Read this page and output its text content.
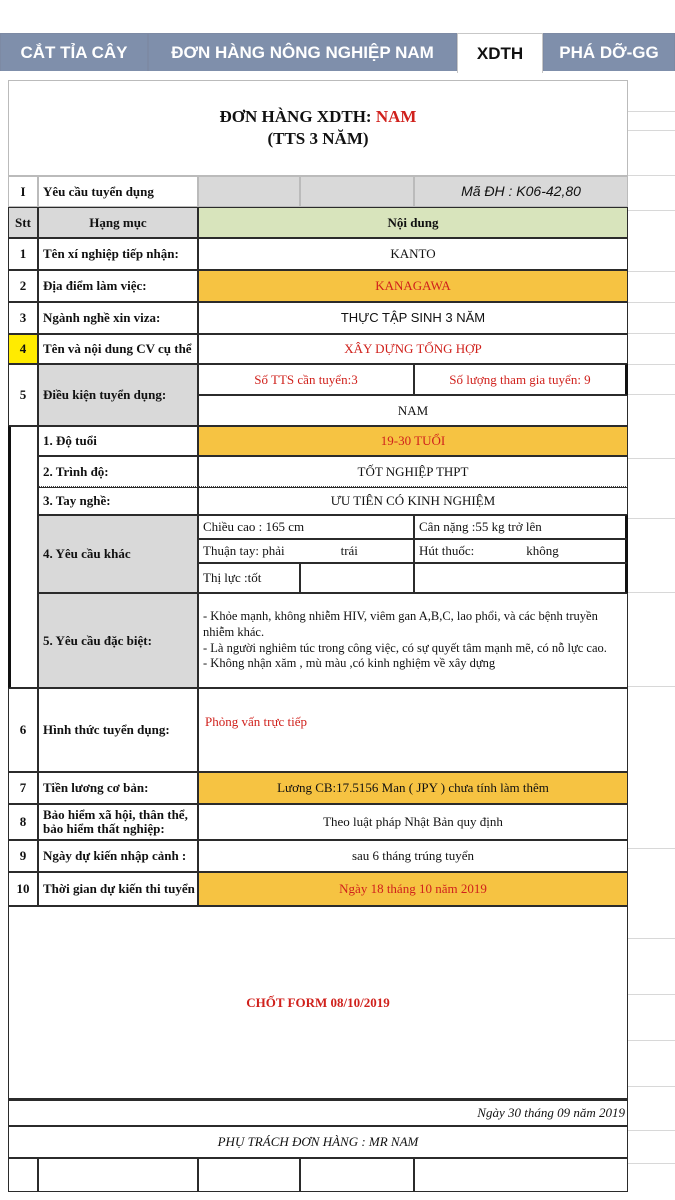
CẮT TỈA CÂY	ĐƠN HÀNG NÔNG NGHIỆP NAM	XDTH	PHÁ DỠ-GG
ĐƠN HÀNG XDTH: NAM
(TTS 3 NĂM)
I	Yêu cầu tuyển dụng	Mã ĐH : K06-42,80
Stt	Hạng mục	Nội dung
1	Tên xí nghiệp tiếp nhận:	KANTO
2	Địa điểm làm việc:	KANAGAWA
3	Ngành nghề xin viza:	THỰC TẬP SINH 3 NĂM
4	Tên và nội dung CV cụ thể	XÂY DỰNG TỔNG HỢP
5	Điều kiện tuyển dụng:
Số TTS cần tuyển:3	Số lượng tham gia tuyển: 9
NAM
1. Độ tuổi	19-30 TUỔI
2. Trình độ:	TỐT NGHIỆP THPT
3. Tay nghề:	ƯU TIÊN CÓ KINH NGHIỆM
4. Yêu cầu khác
Chiều cao : 165 cm	Cân nặng :55 kg trở lên
Thuận tay: phải	trái	Hút thuốc:	không
Thị lực :tốt
5. Yêu cầu đặc biệt:
- Khỏe mạnh, không nhiễm HIV, viêm gan A,B,C, lao phổi, và các bệnh truyền nhiễm khác.
- Là người nghiêm túc trong công việc, có sự quyết tâm mạnh mẽ, có nỗ lực cao.
- Không nhận xăm , mù màu ,có kinh nghiệm về xây dựng
6	Hình thức tuyển dụng:
Phỏng vấn trực tiếp
7	Tiền lương cơ bản:	Lương CB:17.5156 Man ( JPY ) chưa tính làm thêm
8	Bảo hiểm xã hội, thân thể, bảo hiểm thất nghiệp:	Theo luật pháp Nhật Bản quy định
9	Ngày dự kiến nhập cảnh :	sau 6 tháng trúng tuyển
10	Thời gian dự kiến thi tuyển	Ngày 18 tháng 10 năm 2019
CHỐT FORM 08/10/2019
Ngày 30 tháng 09 năm 2019
PHỤ TRÁCH ĐƠN HÀNG : MR NAM
